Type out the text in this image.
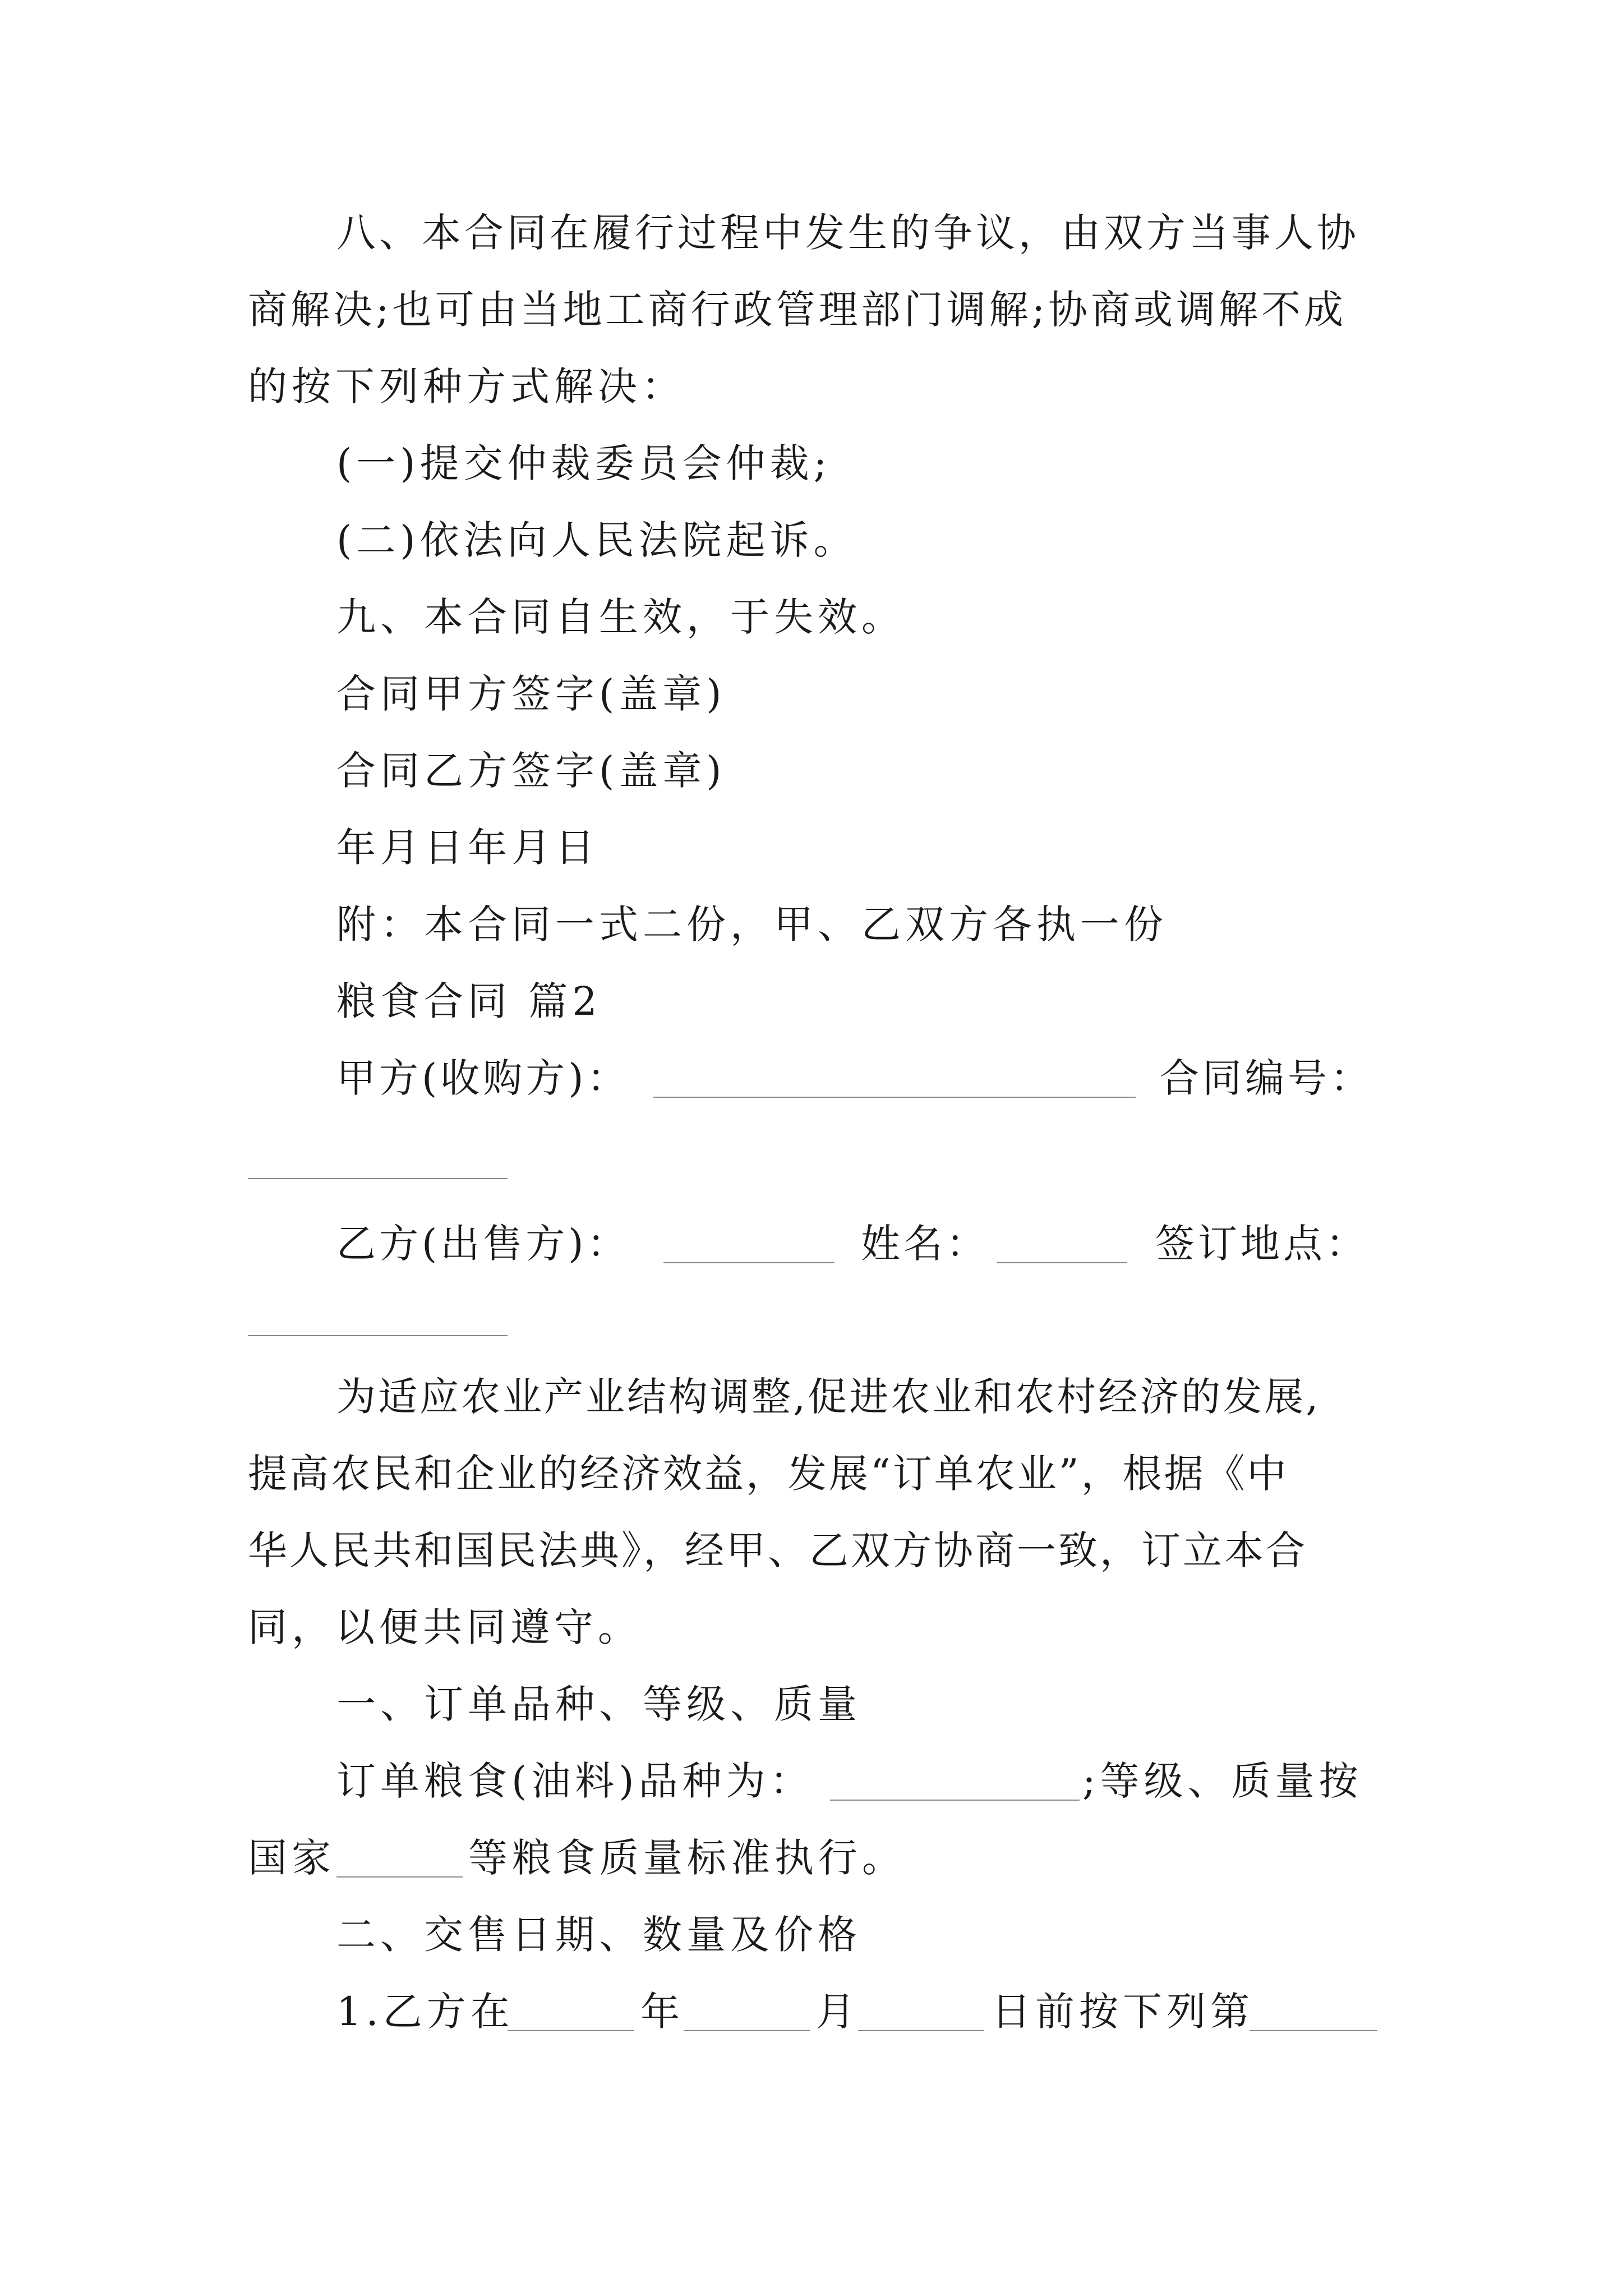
八、本合同在履行过程中发生的争议，由双方当事人协
商解决;也可由当地工商行政管理部门调解;协商或调解不成
的按下列种方式解决：
(一)提交仲裁委员会仲裁;
(二)依法向人民法院起诉。
九、本合同自生效，于失效。
合同甲方签字(盖章)
合同乙方签字(盖章)
年月日年月日
附：本合同一式二份，甲、乙双方各执一份
粮食合同 篇2
甲方(收购方)：	合同编号：
乙方(出售方)：	姓名：	签订地点：
为适应农业产业结构调整,促进农业和农村经济的发展,
提高农民和企业的经济效益，发展“订单农业”，根据《中
华人民共和国民法典》，经甲、乙双方协商一致，订立本合
同，以便共同遵守。
一、订单品种、等级、质量
订单粮食(油料)品种为：	;等级、质量按
国家	等粮食质量标准执行。
二、交售日期、数量及价格
1.乙方在	年	月	日前按下列第
